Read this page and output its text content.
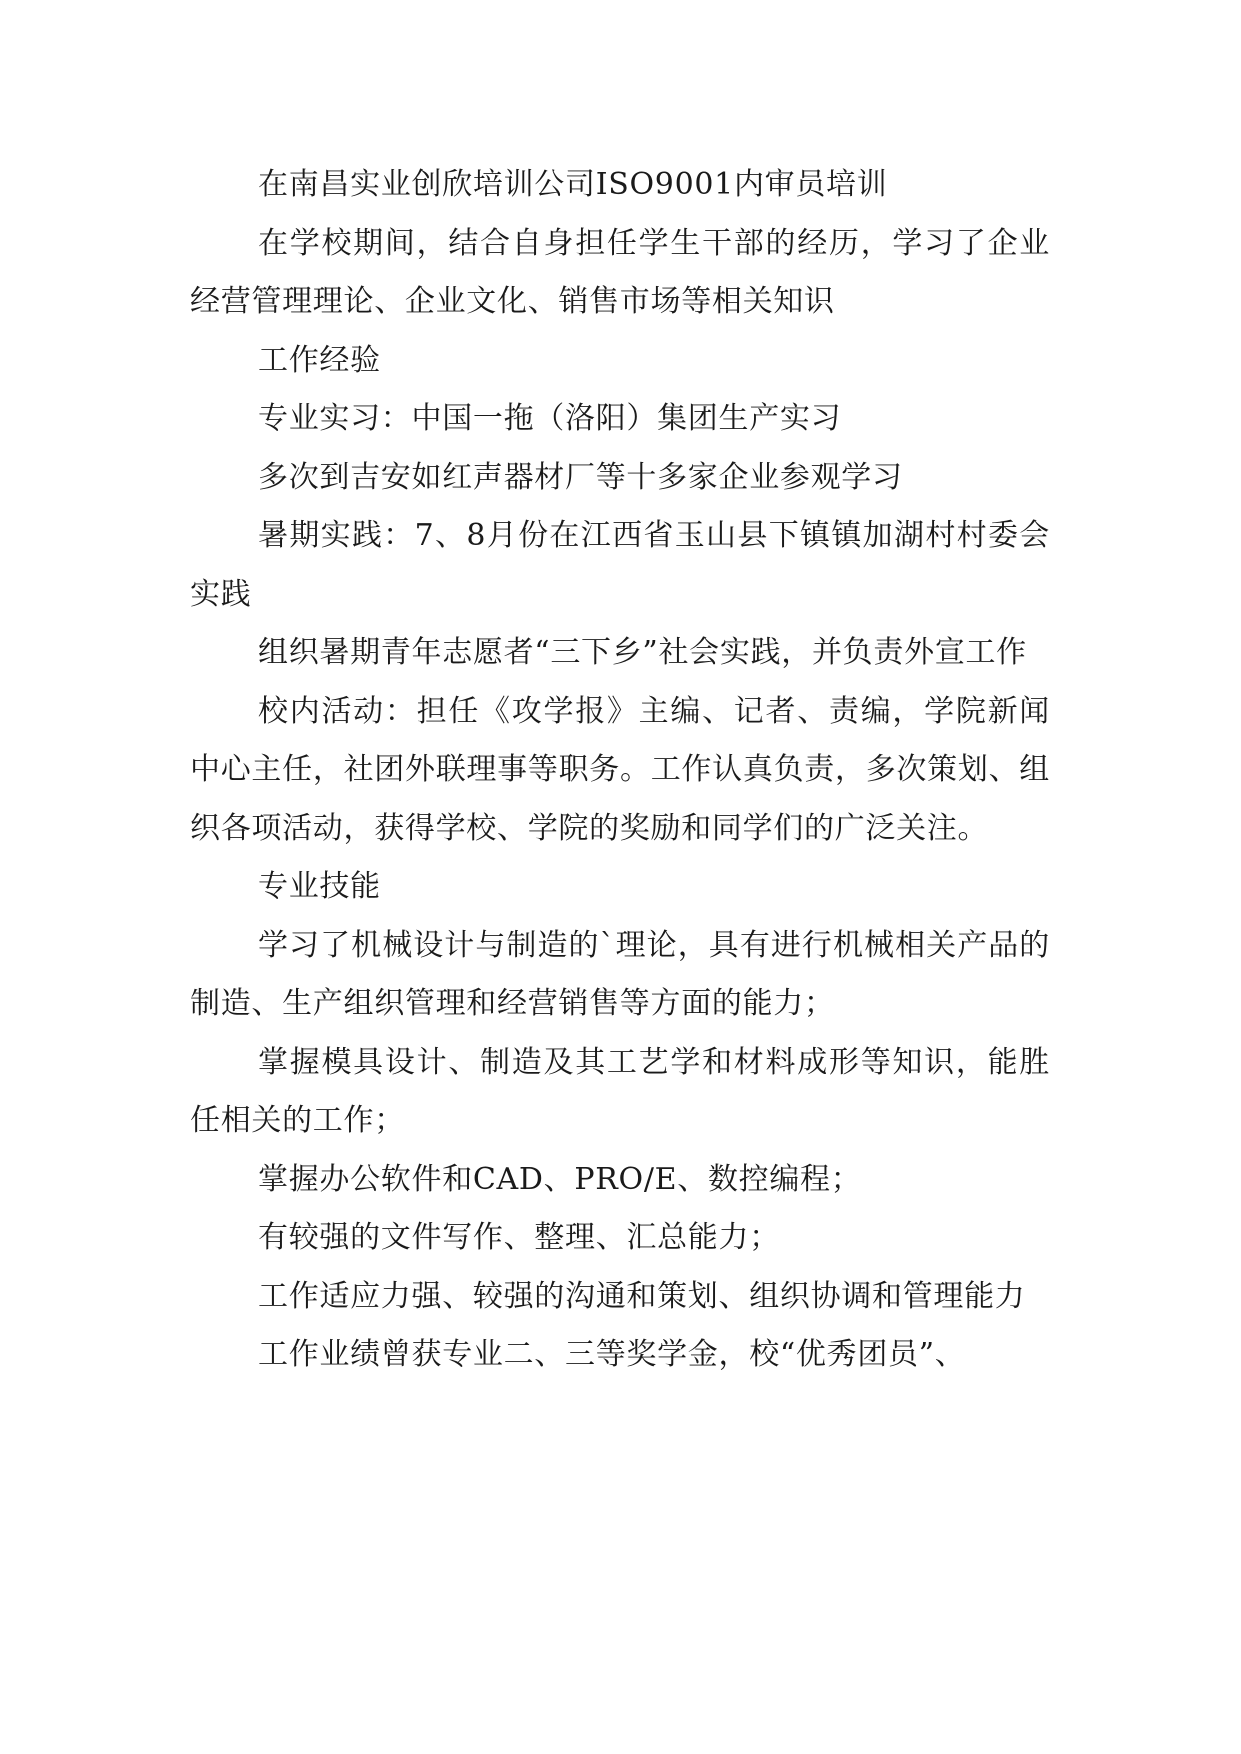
在南昌实业创欣培训公司ISO9001内审员培训

在学校期间，结合自身担任学生干部的经历，学习了企业经营管理理论、企业文化、销售市场等相关知识

工作经验

专业实习：中国一拖（洛阳）集团生产实习

多次到吉安如红声器材厂等十多家企业参观学习

暑期实践：7、8月份在江西省玉山县下镇镇加湖村村委会实践

组织暑期青年志愿者“三下乡”社会实践，并负责外宣工作

校内活动：担任《攻学报》主编、记者、责编，学院新闻中心主任，社团外联理事等职务。工作认真负责，多次策划、组织各项活动，获得学校、学院的奖励和同学们的广泛关注。

专业技能

学习了机械设计与制造的`理论，具有进行机械相关产品的制造、生产组织管理和经营销售等方面的能力；

掌握模具设计、制造及其工艺学和材料成形等知识，能胜任相关的工作；

掌握办公软件和CAD、PRO/E、数控编程；

有较强的文件写作、整理、汇总能力；

工作适应力强、较强的沟通和策划、组织协调和管理能力

工作业绩曾获专业二、三等奖学金，校“优秀团员”、
